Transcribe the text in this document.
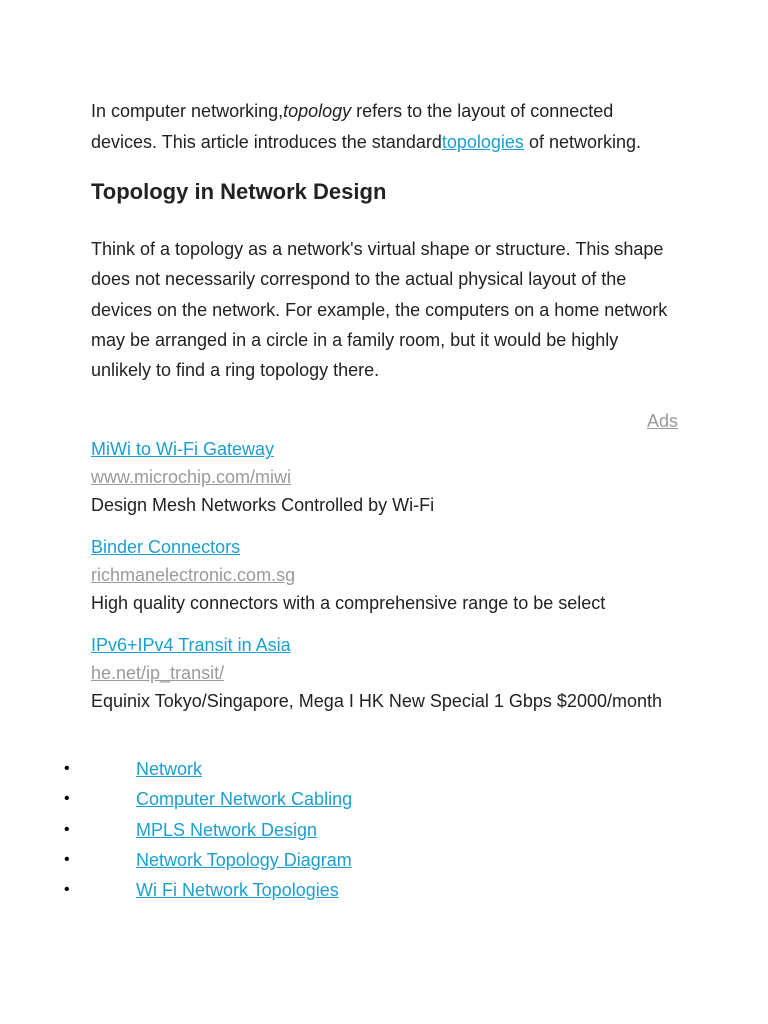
In computer networking,topology refers to the layout of connected devices. This article introduces the standardtopologies of networking.

Topology in Network Design

Think of a topology as a network's virtual shape or structure. This shape does not necessarily correspond to the actual physical layout of the devices on the network. For example, the computers on a home network may be arranged in a circle in a family room, but it would be highly unlikely to find a ring topology there.

Ads
MiWi to Wi-Fi Gateway
www.microchip.com/miwi
Design Mesh Networks Controlled by Wi-Fi
Binder Connectors
richmanelectronic.com.sg
High quality connectors with a comprehensive range to be select
IPv6+IPv4 Transit in Asia
he.net/ip_transit/
Equinix Tokyo/Singapore, Mega I HK New Special 1 Gbps $2000/month
•	Network
•	Computer Network Cabling
•	MPLS Network Design
•	Network Topology Diagram
•	Wi Fi Network Topologies
